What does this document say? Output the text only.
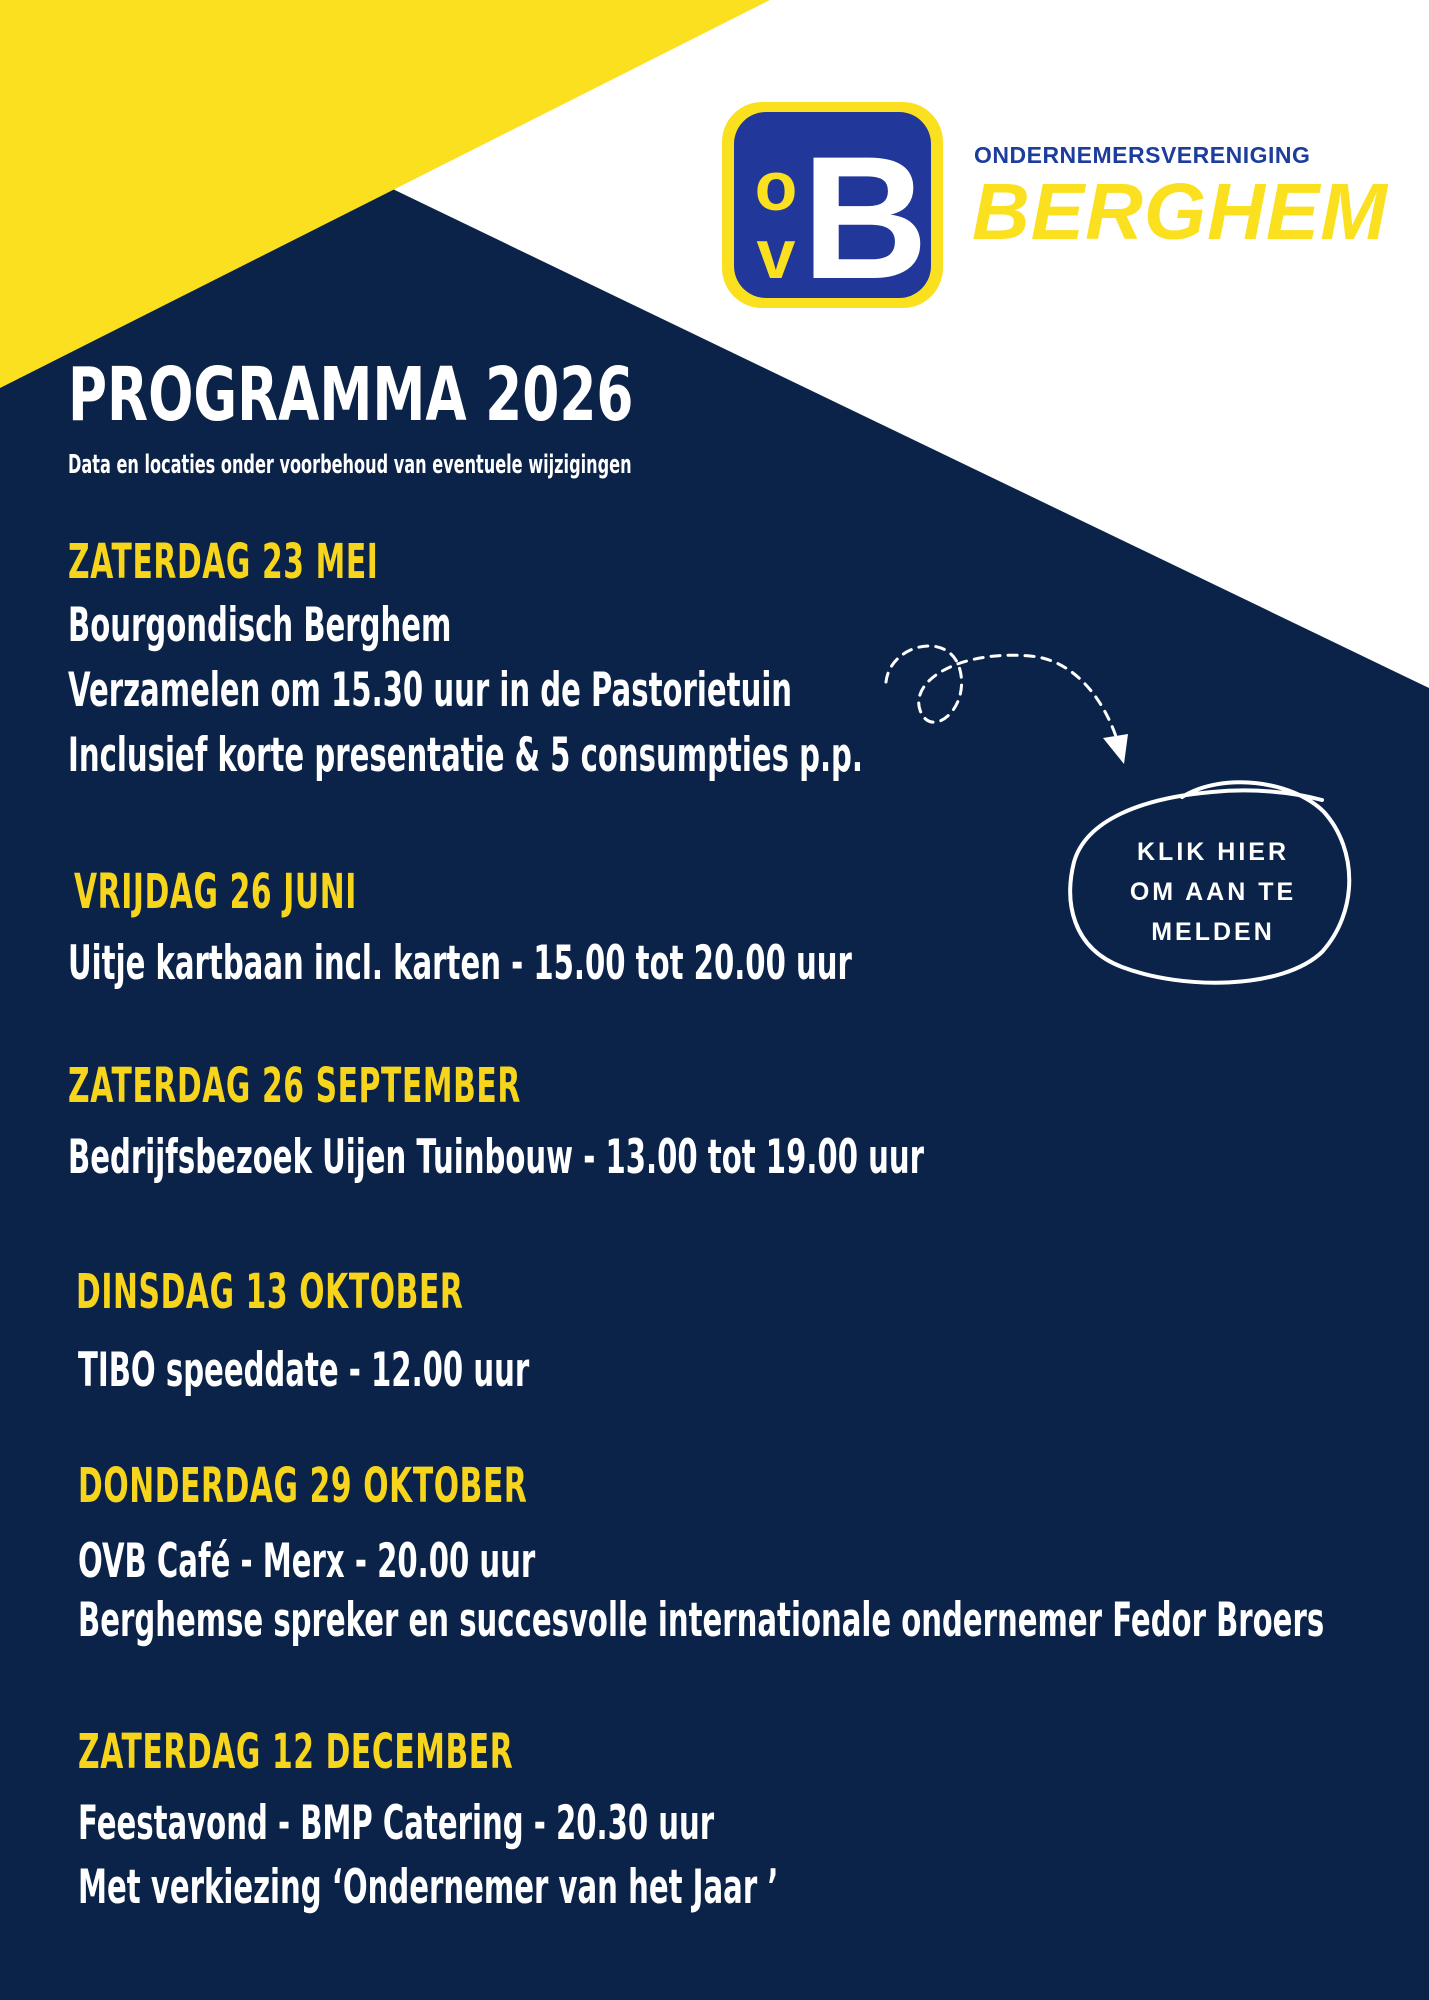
o
v B ONDERNEMERSVERENIGING
BERGHEM
PROGRAMMA 2026
Data en locaties onder voorbehoud van eventuele wijzigingen
ZATERDAG 23 MEI
Bourgondisch Berghem
Verzamelen om 15.30 uur in de Pastorietuin
Inclusief korte presentatie & 5 consumpties p.p.
VRIJDAG 26 JUNI
Uitje kartbaan incl. karten - 15.00 tot 20.00 uur
ZATERDAG 26 SEPTEMBER
Bedrijfsbezoek Uijen Tuinbouw - 13.00 tot 19.00 uur
DINSDAG 13 OKTOBER
TIBO speeddate - 12.00 uur
DONDERDAG 29 OKTOBER
OVB Café - Merx - 20.00 uur
Berghemse spreker en succesvolle internationale ondernemer Fedor Broers
ZATERDAG 12 DECEMBER
Feestavond - BMP Catering - 20.30 uur
Met verkiezing ‘Ondernemer van het Jaar ’
KLIK HIER
OM AAN TE
MELDEN
